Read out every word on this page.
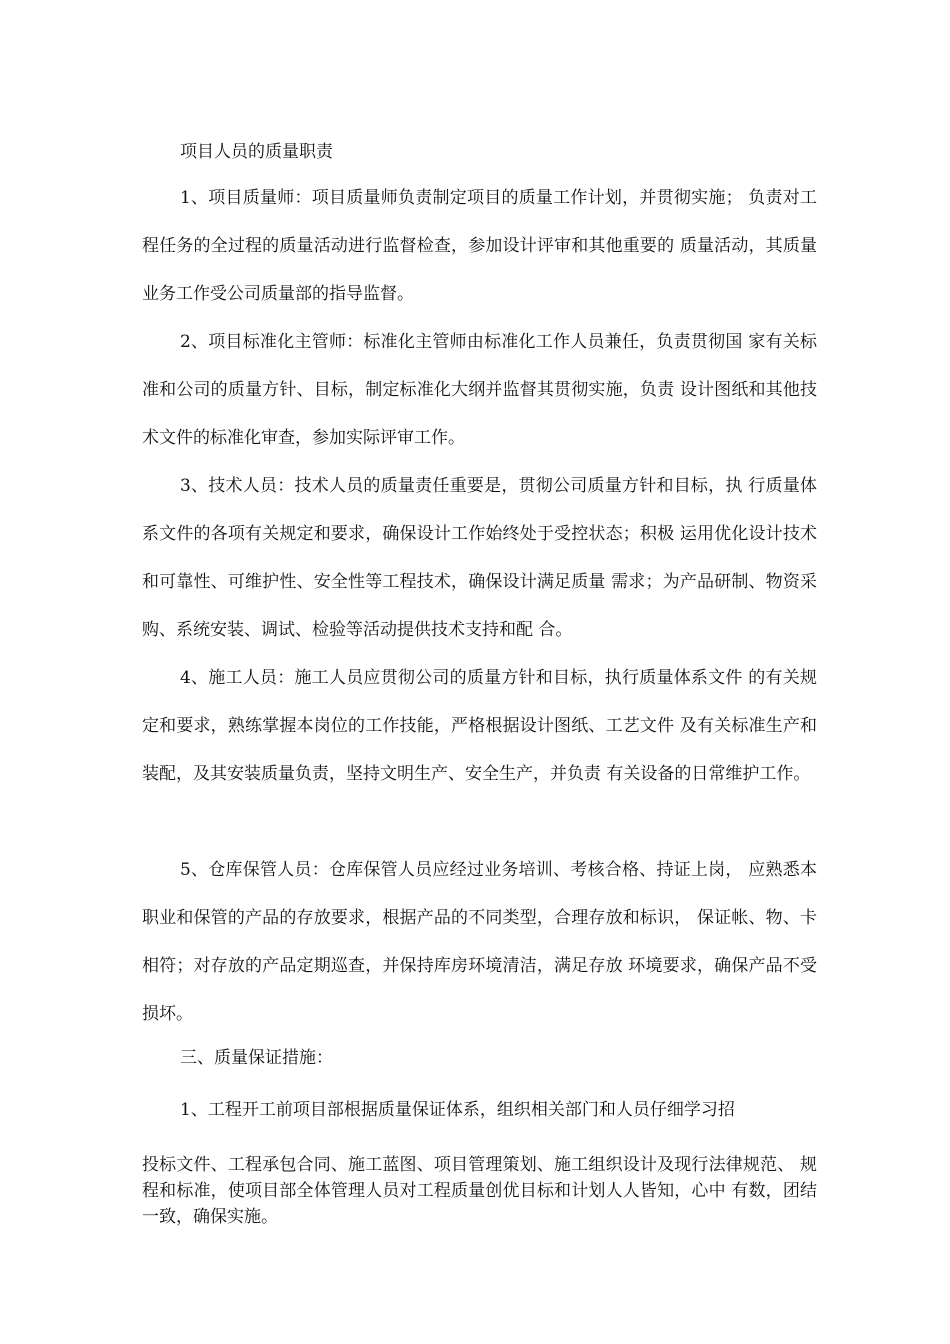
项目人员的质量职责

1、项目质量师：项目质量师负责制定项目的质量工作计划，并贯彻实施； 负责对工程任务的全过程的质量活动进行监督检查，参加设计评审和其他重要的 质量活动，其质量业务工作受公司质量部的指导监督。

2、项目标准化主管师：标准化主管师由标准化工作人员兼任，负责贯彻国 家有关标准和公司的质量方针、目标，制定标准化大纲并监督其贯彻实施，负责 设计图纸和其他技术文件的标准化审查，参加实际评审工作。

3、技术人员：技术人员的质量责任重要是，贯彻公司质量方针和目标，执 行质量体系文件的各项有关规定和要求，确保设计工作始终处于受控状态；积极 运用优化设计技术和可靠性、可维护性、安全性等工程技术，确保设计满足质量 需求；为产品研制、物资采购、系统安装、调试、检验等活动提供技术支持和配 合。

4、施工人员：施工人员应贯彻公司的质量方针和目标，执行质量体系文件 的有关规定和要求，熟练掌握本岗位的工作技能，严格根据设计图纸、工艺文件 及有关标准生产和装配，及其安装质量负责，坚持文明生产、安全生产，并负责 有关设备的日常维护工作。

5、仓库保管人员：仓库保管人员应经过业务培训、考核合格、持证上岗， 应熟悉本职业和保管的产品的存放要求，根据产品的不同类型，合理存放和标识， 保证帐、物、卡相符；对存放的产品定期巡查，并保持库房环境清洁，满足存放 环境要求，确保产品不受损坏。

三、质量保证措施：

1、工程开工前项目部根据质量保证体系，组织相关部门和人员仔细学习招

投标文件、工程承包合同、施工蓝图、项目管理策划、施工组织设计及现行法律规范、 规程和标准，使项目部全体管理人员对工程质量创优目标和计划人人皆知，心中 有数，团结一致，确保实施。
